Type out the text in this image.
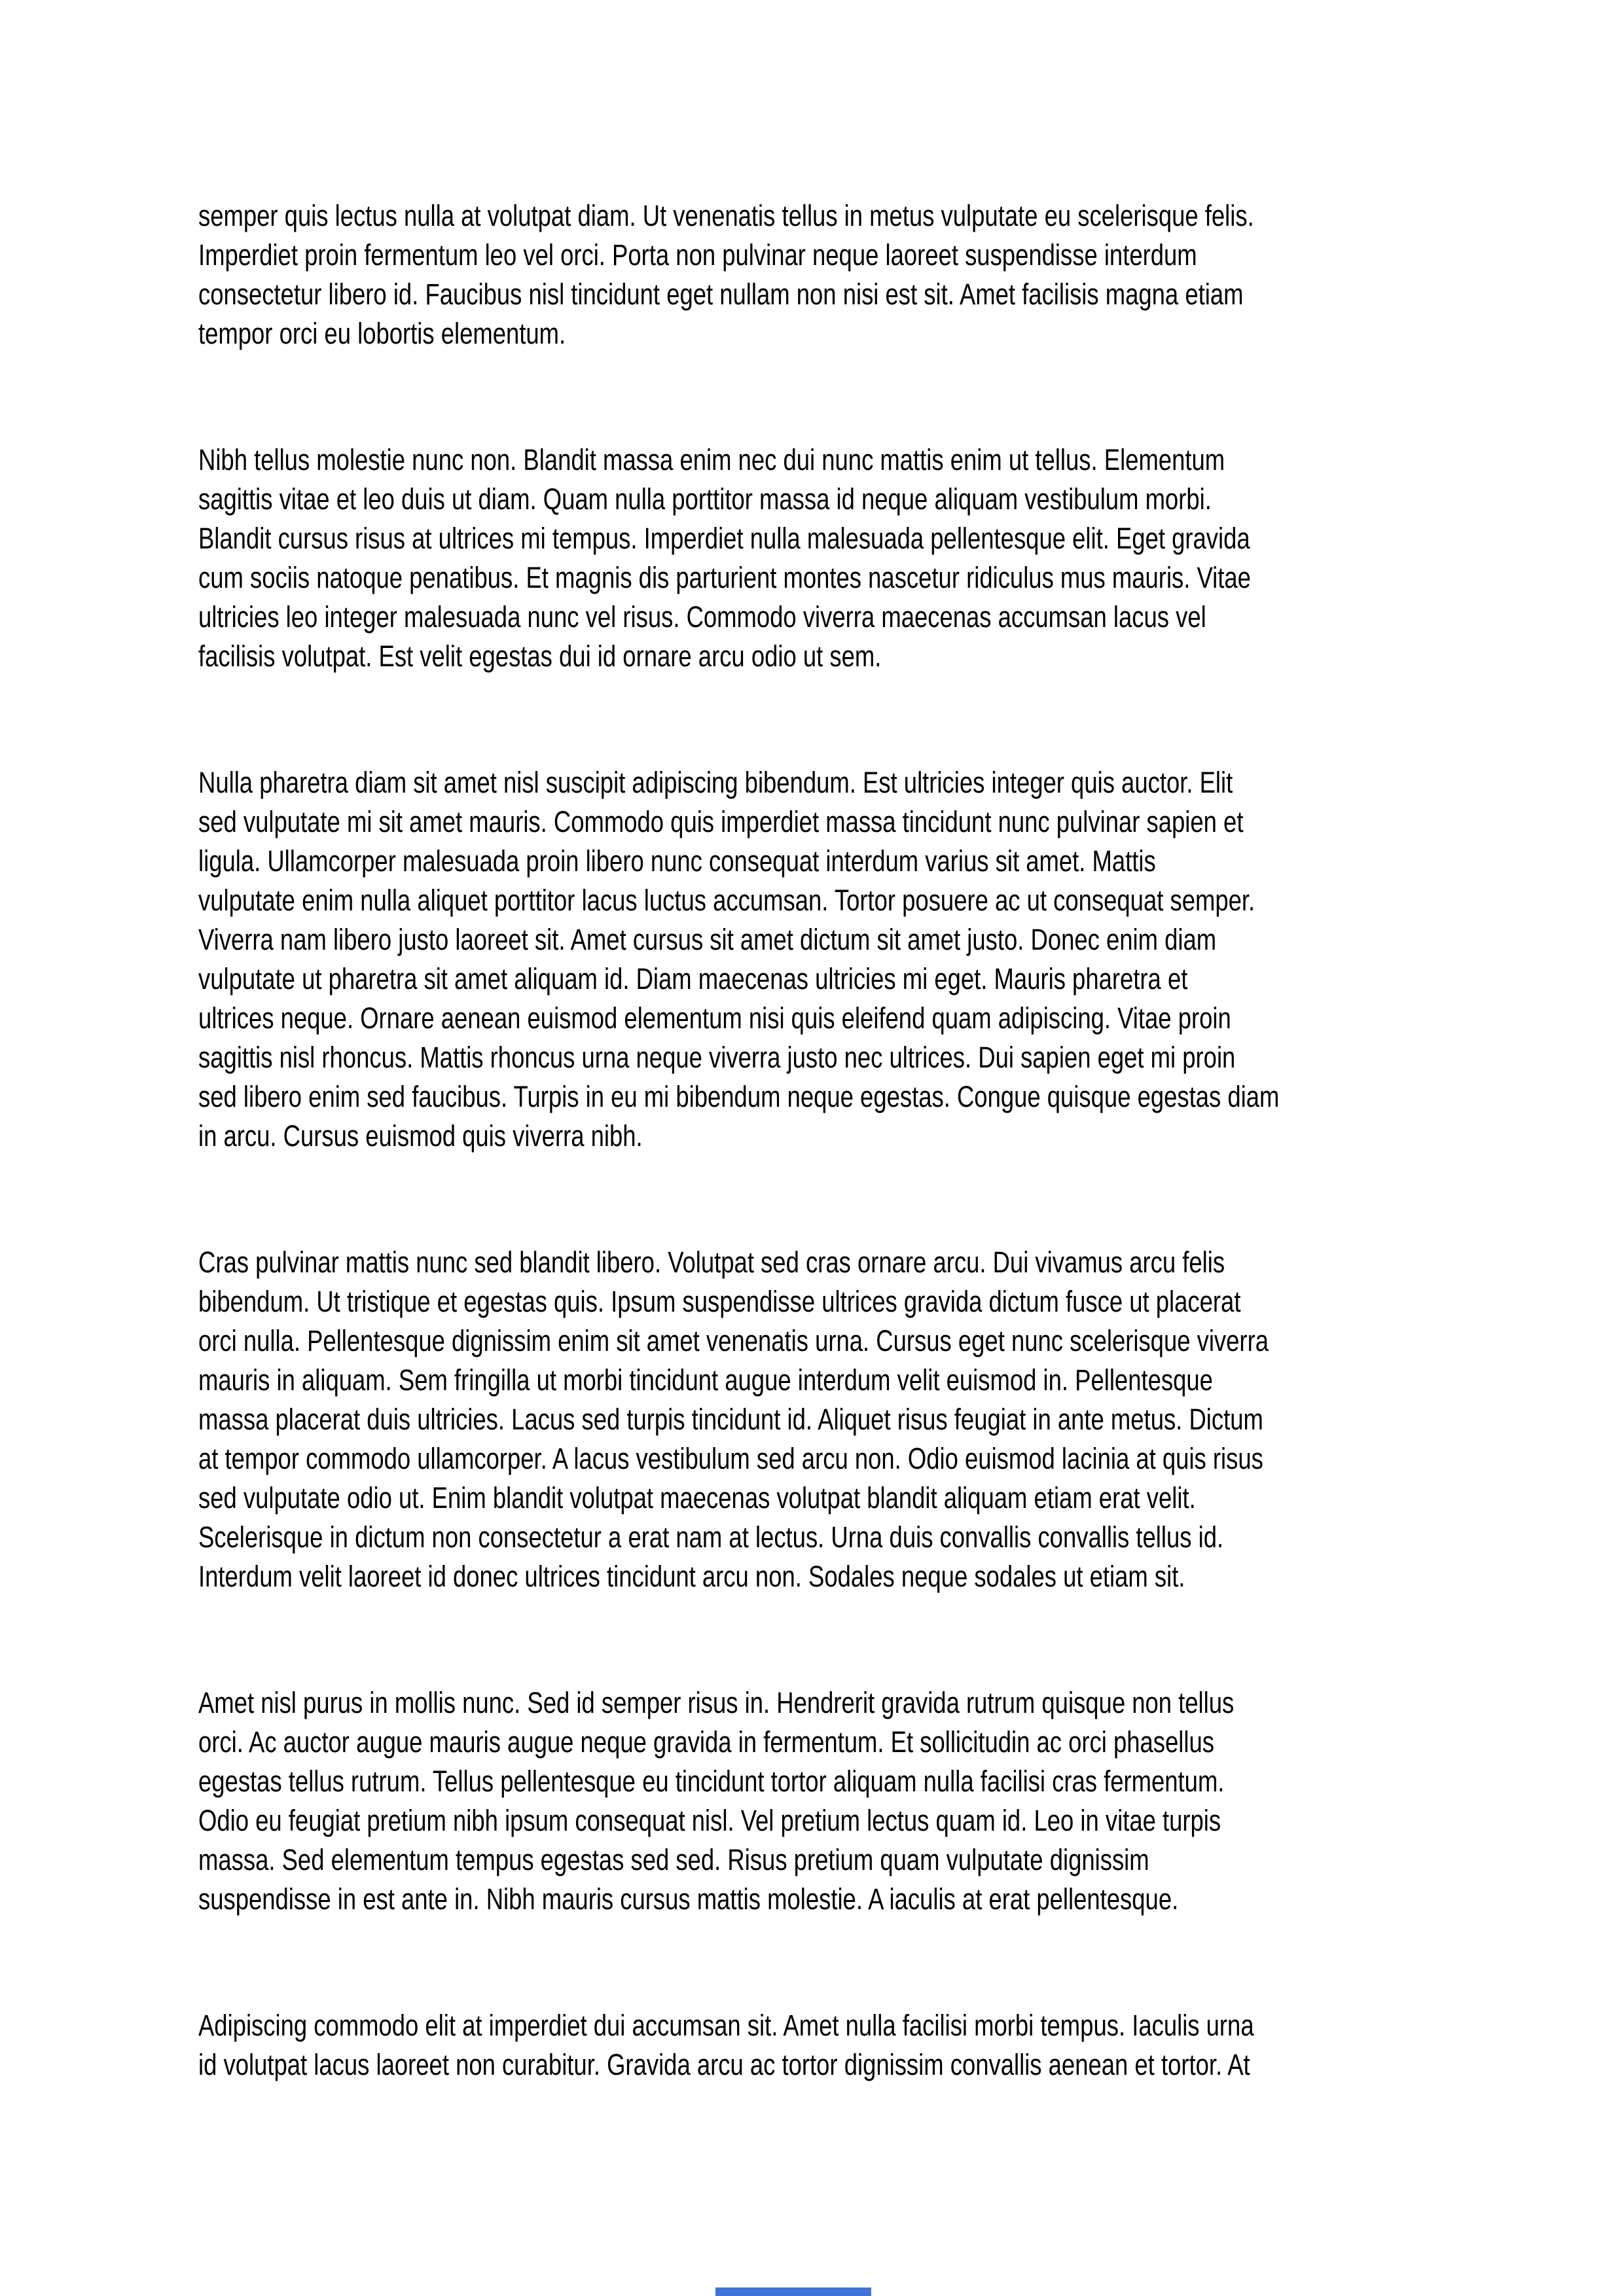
semper quis lectus nulla at volutpat diam. Ut venenatis tellus in metus vulputate eu scelerisque felis.
Imperdiet proin fermentum leo vel orci. Porta non pulvinar neque laoreet suspendisse interdum
consectetur libero id. Faucibus nisl tincidunt eget nullam non nisi est sit. Amet facilisis magna etiam
tempor orci eu lobortis elementum.
Nibh tellus molestie nunc non. Blandit massa enim nec dui nunc mattis enim ut tellus. Elementum
sagittis vitae et leo duis ut diam. Quam nulla porttitor massa id neque aliquam vestibulum morbi.
Blandit cursus risus at ultrices mi tempus. Imperdiet nulla malesuada pellentesque elit. Eget gravida
cum sociis natoque penatibus. Et magnis dis parturient montes nascetur ridiculus mus mauris. Vitae
ultricies leo integer malesuada nunc vel risus. Commodo viverra maecenas accumsan lacus vel
facilisis volutpat. Est velit egestas dui id ornare arcu odio ut sem.
Nulla pharetra diam sit amet nisl suscipit adipiscing bibendum. Est ultricies integer quis auctor. Elit
sed vulputate mi sit amet mauris. Commodo quis imperdiet massa tincidunt nunc pulvinar sapien et
ligula. Ullamcorper malesuada proin libero nunc consequat interdum varius sit amet. Mattis
vulputate enim nulla aliquet porttitor lacus luctus accumsan. Tortor posuere ac ut consequat semper.
Viverra nam libero justo laoreet sit. Amet cursus sit amet dictum sit amet justo. Donec enim diam
vulputate ut pharetra sit amet aliquam id. Diam maecenas ultricies mi eget. Mauris pharetra et
ultrices neque. Ornare aenean euismod elementum nisi quis eleifend quam adipiscing. Vitae proin
sagittis nisl rhoncus. Mattis rhoncus urna neque viverra justo nec ultrices. Dui sapien eget mi proin
sed libero enim sed faucibus. Turpis in eu mi bibendum neque egestas. Congue quisque egestas diam
in arcu. Cursus euismod quis viverra nibh.
Cras pulvinar mattis nunc sed blandit libero. Volutpat sed cras ornare arcu. Dui vivamus arcu felis
bibendum. Ut tristique et egestas quis. Ipsum suspendisse ultrices gravida dictum fusce ut placerat
orci nulla. Pellentesque dignissim enim sit amet venenatis urna. Cursus eget nunc scelerisque viverra
mauris in aliquam. Sem fringilla ut morbi tincidunt augue interdum velit euismod in. Pellentesque
massa placerat duis ultricies. Lacus sed turpis tincidunt id. Aliquet risus feugiat in ante metus. Dictum
at tempor commodo ullamcorper. A lacus vestibulum sed arcu non. Odio euismod lacinia at quis risus
sed vulputate odio ut. Enim blandit volutpat maecenas volutpat blandit aliquam etiam erat velit.
Scelerisque in dictum non consectetur a erat nam at lectus. Urna duis convallis convallis tellus id.
Interdum velit laoreet id donec ultrices tincidunt arcu non. Sodales neque sodales ut etiam sit.
Amet nisl purus in mollis nunc. Sed id semper risus in. Hendrerit gravida rutrum quisque non tellus
orci. Ac auctor augue mauris augue neque gravida in fermentum. Et sollicitudin ac orci phasellus
egestas tellus rutrum. Tellus pellentesque eu tincidunt tortor aliquam nulla facilisi cras fermentum.
Odio eu feugiat pretium nibh ipsum consequat nisl. Vel pretium lectus quam id. Leo in vitae turpis
massa. Sed elementum tempus egestas sed sed. Risus pretium quam vulputate dignissim
suspendisse in est ante in. Nibh mauris cursus mattis molestie. A iaculis at erat pellentesque.
Adipiscing commodo elit at imperdiet dui accumsan sit. Amet nulla facilisi morbi tempus. Iaculis urna
id volutpat lacus laoreet non curabitur. Gravida arcu ac tortor dignissim convallis aenean et tortor. At
